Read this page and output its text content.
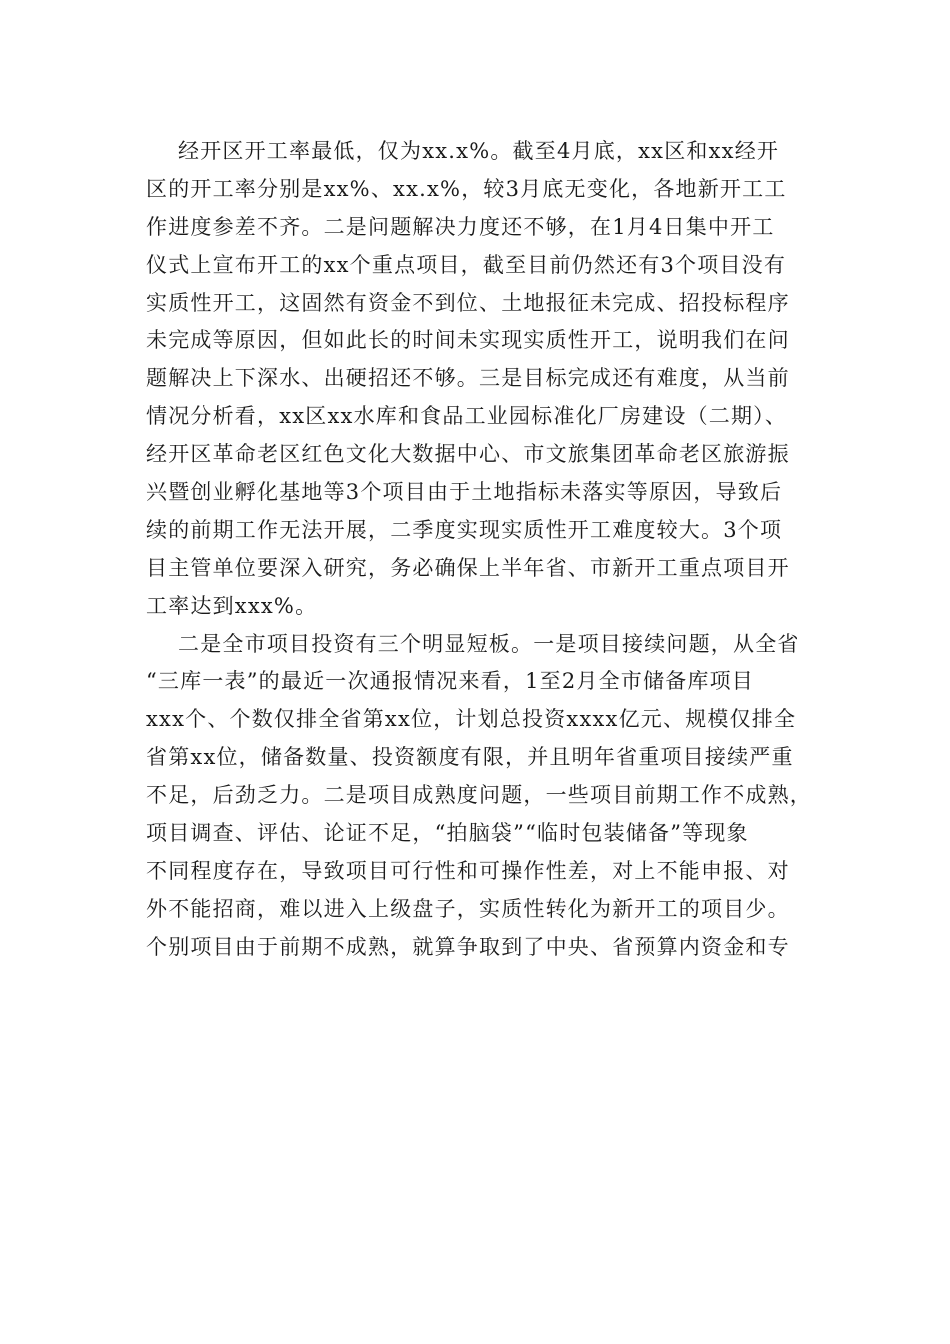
经开区开工率最低，仅为xx.x%。截至4月底，xx区和xx经开
区的开工率分别是xx%、xx.x%，较3月底无变化，各地新开工工
作进度参差不齐。二是问题解决力度还不够，在1月4日集中开工
仪式上宣布开工的xx个重点项目，截至目前仍然还有3个项目没有
实质性开工，这固然有资金不到位、土地报征未完成、招投标程序
未完成等原因，但如此长的时间未实现实质性开工，说明我们在问
题解决上下深水、出硬招还不够。三是目标完成还有难度，从当前
情况分析看，xx区xx水库和食品工业园标准化厂房建设（二期）、
经开区革命老区红色文化大数据中心、市文旅集团革命老区旅游振
兴暨创业孵化基地等3个项目由于土地指标未落实等原因，导致后
续的前期工作无法开展，二季度实现实质性开工难度较大。3个项
目主管单位要深入研究，务必确保上半年省、市新开工重点项目开
工率达到xxx%。
二是全市项目投资有三个明显短板。一是项目接续问题，从全省
“三库一表”的最近一次通报情况来看，1至2月全市储备库项目
xxx个、个数仅排全省第xx位，计划总投资xxxx亿元、规模仅排全
省第xx位，储备数量、投资额度有限，并且明年省重项目接续严重
不足，后劲乏力。二是项目成熟度问题，一些项目前期工作不成熟，
项目调查、评估、论证不足，“拍脑袋”“临时包装储备”等现象
不同程度存在，导致项目可行性和可操作性差，对上不能申报、对
外不能招商，难以进入上级盘子，实质性转化为新开工的项目少。
个别项目由于前期不成熟，就算争取到了中央、省预算内资金和专
